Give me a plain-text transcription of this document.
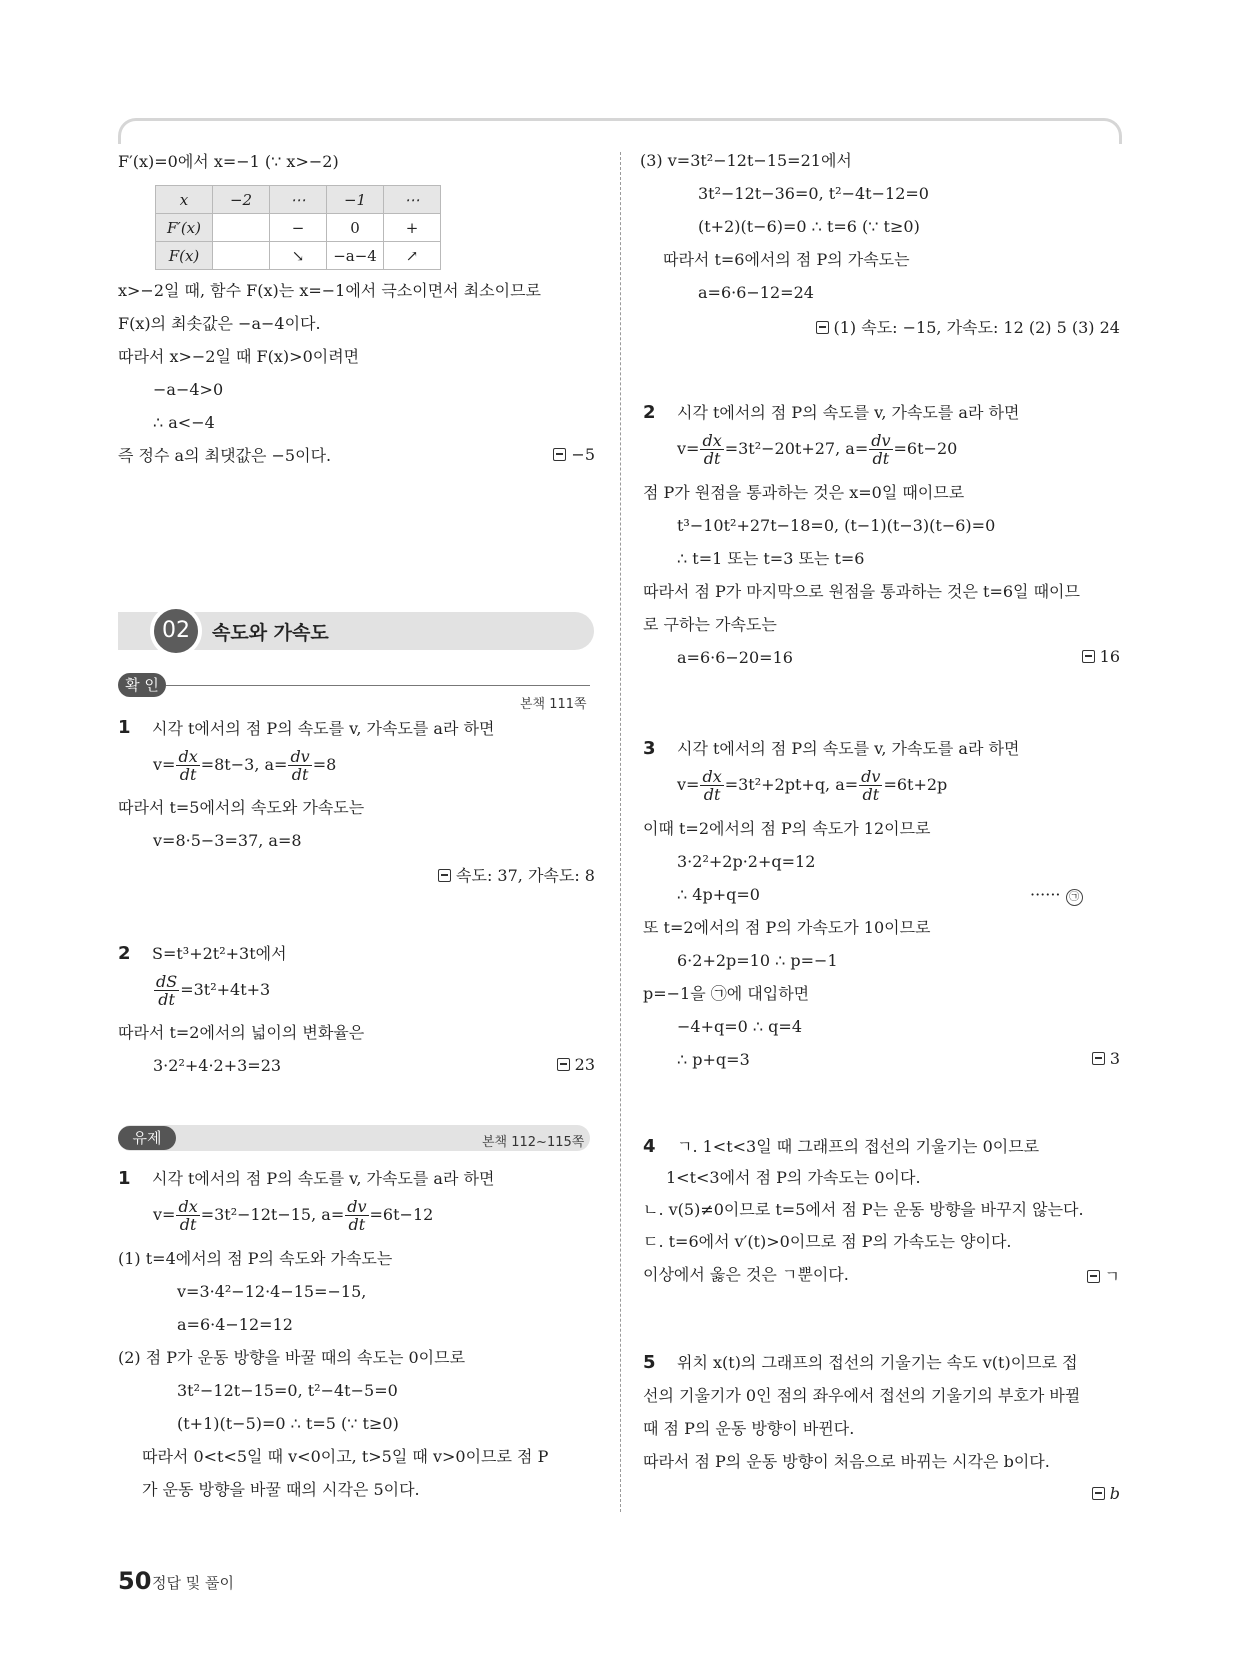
F′(x)=0에서 x=−1 (∵ x>−2)
x	−2	⋯	−1	⋯
F′(x)		−	0	+
F(x)		↘	−a−4	↗
x>−2일 때, 함수 F(x)는 x=−1에서 극소이면서 최소이므로
F(x)의 최솟값은 −a−4이다.
따라서 x>−2일 때 F(x)>0이려면
−a−4>0
∴ a<−4
즉 정수 a의 최댓값은 −5이다.	−5
02	속도와 가속도
확 인
본책 111쪽
1 시각 t에서의 점 P의 속도를 v, 가속도를 a라 하면
$v= \frac{dx}{dt} =8t-3$, $a= \frac{dv}{dt} =8$
따라서 t=5에서의 속도와 가속도는
v=8·5−3=37, a=8
속도: 37, 가속도: 8
2 S=t³+2t²+3t에서
$\frac{dS}{dt} =3t^2+4t+3$
따라서 t=2에서의 넓이의 변화율은
3·2²+4·2+3=23	23
유제	본책 112~115쪽
1 시각 t에서의 점 P의 속도를 v, 가속도를 a라 하면
$v= \frac{dx}{dt} =3t^2-12t-15$, $a= \frac{dv}{dt} =6t-12$
(1) t=4에서의 점 P의 속도와 가속도는
v=3·4²−12·4−15=−15,
a=6·4−12=12
(2) 점 P가 운동 방향을 바꿀 때의 속도는 0이므로
3t²−12t−15=0, t²−4t−5=0
(t+1)(t−5)=0 ∴ t=5 (∵ t≥0)
따라서 0<t<5일 때 v<0이고, t>5일 때 v>0이므로 점 P
가 운동 방향을 바꿀 때의 시각은 5이다.
(3) v=3t²−12t−15=21에서
3t²−12t−36=0, t²−4t−12=0
(t+2)(t−6)=0 ∴ t=6 (∵ t≥0)
따라서 t=6에서의 점 P의 가속도는
a=6·6−12=24
(1) 속도: −15, 가속도: 12 (2) 5 (3) 24
2 시각 t에서의 점 P의 속도를 v, 가속도를 a라 하면
$v= \frac{dx}{dt} =3t^2-20t+27$, $a= \frac{dv}{dt} =6t-20$
점 P가 원점을 통과하는 것은 x=0일 때이므로
t³−10t²+27t−18=0, (t−1)(t−3)(t−6)=0
∴ t=1 또는 t=3 또는 t=6
따라서 점 P가 마지막으로 원점을 통과하는 것은 t=6일 때이므
로 구하는 가속도는
a=6·6−20=16	16
3 시각 t에서의 점 P의 속도를 v, 가속도를 a라 하면
$v= \frac{dx}{dt} =3t^2+2pt+q$, $a= \frac{dv}{dt} =6t+2p$
이때 t=2에서의 점 P의 속도가 12이므로
3·2²+2p·2+q=12
∴ 4p+q=0	······ ㉠
또 t=2에서의 점 P의 가속도가 10이므로
6·2+2p=10 ∴ p=−1
p=−1을 ㉠에 대입하면
−4+q=0 ∴ q=4
∴ p+q=3	3
4 ㄱ. 1<t<3일 때 그래프의 접선의 기울기는 0이므로
1<t<3에서 점 P의 가속도는 0이다.
ㄴ. v(5)≠0이므로 t=5에서 점 P는 운동 방향을 바꾸지 않는다.
ㄷ. t=6에서 v′(t)>0이므로 점 P의 가속도는 양이다.
이상에서 옳은 것은 ㄱ뿐이다.	ㄱ
5 위치 x(t)의 그래프의 접선의 기울기는 속도 v(t)이므로 접
선의 기울기가 0인 점의 좌우에서 접선의 기울기의 부호가 바뀔
때 점 P의 운동 방향이 바뀐다.
따라서 점 P의 운동 방향이 처음으로 바뀌는 시각은 b이다.
b
50 정답 및 풀이
